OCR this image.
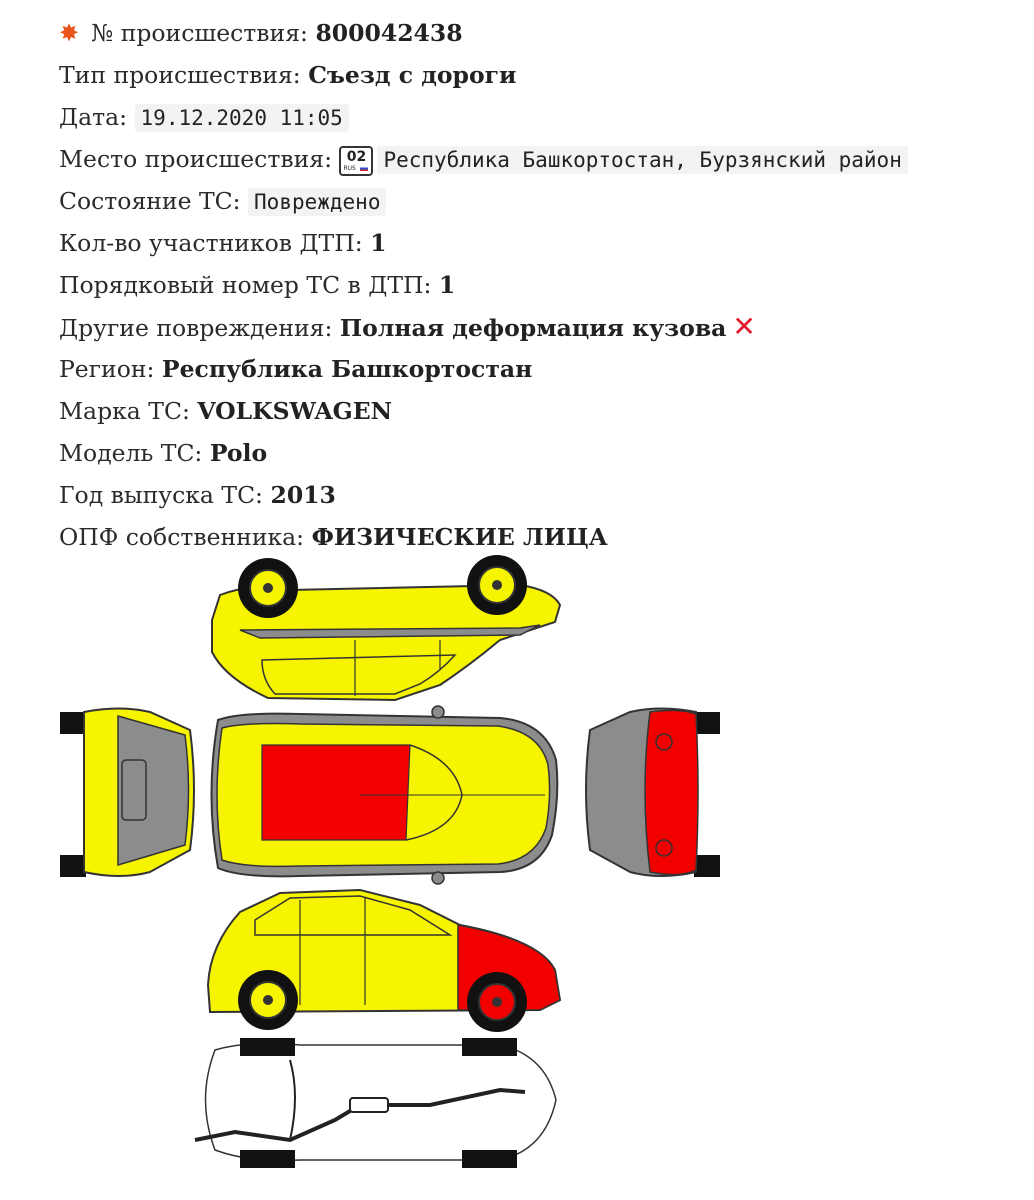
✸ № происшествия: 800042438
Тип происшествия: Съезд с дороги
Дата: 19.12.2020 11:05
Место происшествия:	02
RUS Республика Башкортостан, Бурзянский район
Состояние ТС: Повреждено
Кол-во участников ДТП: 1
Порядковый номер ТС в ДТП: 1
Другие повреждения: Полная деформация кузова ✕
Регион: Республика Башкортостан
Марка ТС: VOLKSWAGEN
Модель ТС: Polo
Год выпуска ТС: 2013
ОПФ собственника: ФИЗИЧЕСКИЕ ЛИЦА
